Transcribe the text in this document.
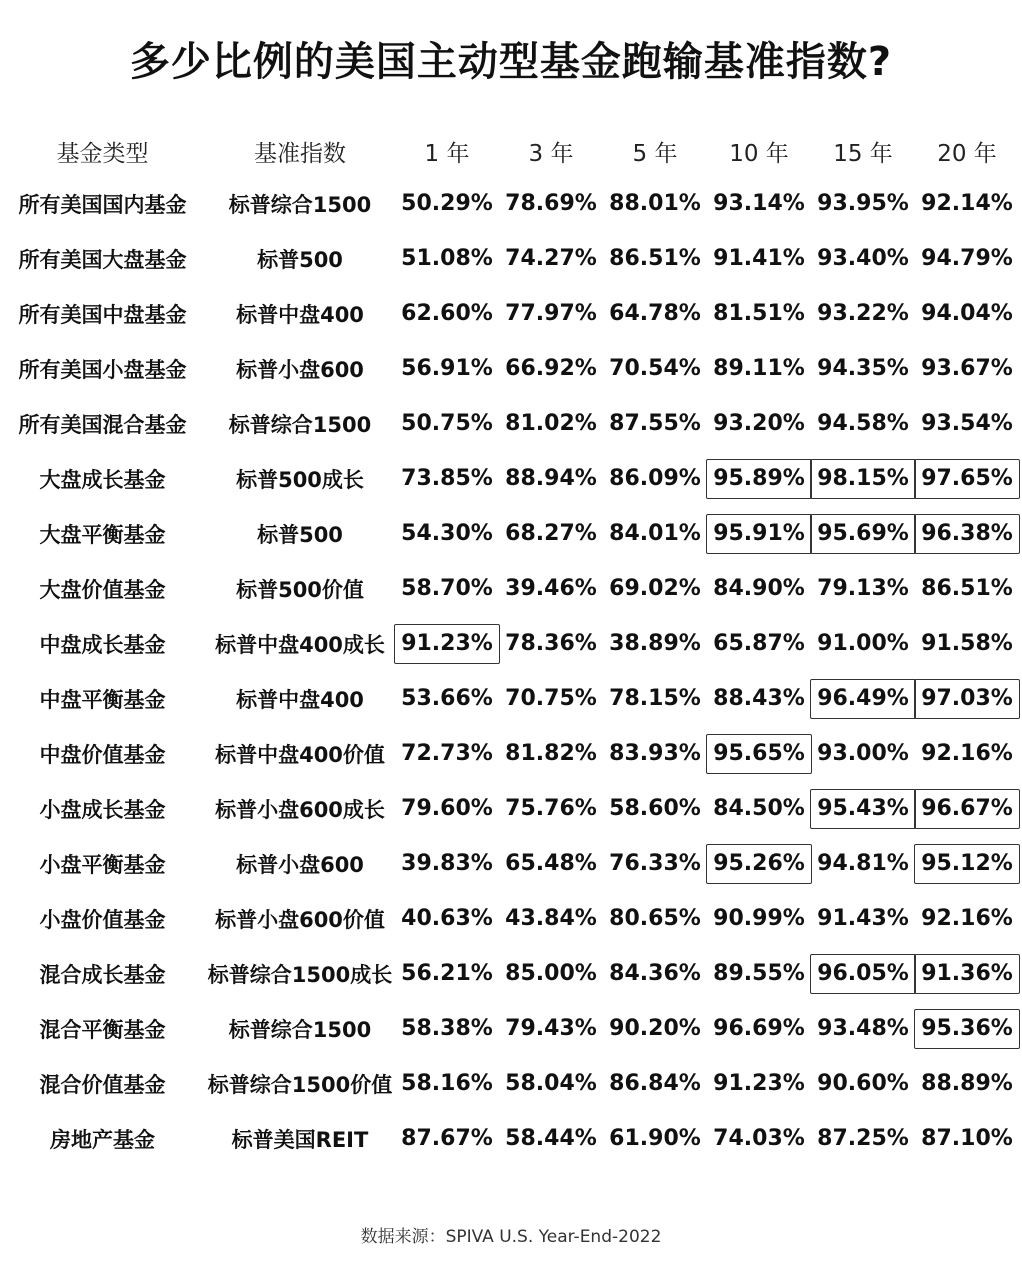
多少比例的美国主动型基金跑输基准指数?
基金类型	基准指数	1 年	3 年	5 年	10 年	15 年	20 年
所有美国国内基金	标普综合1500	50.29% 78.69% 88.01% 93.14% 93.95% 92.14%
所有美国大盘基金	标普500	51.08% 74.27% 86.51% 91.41% 93.40% 94.79%
所有美国中盘基金	标普中盘400	62.60% 77.97% 64.78% 81.51% 93.22% 94.04%
所有美国小盘基金	标普小盘600	56.91% 66.92% 70.54% 89.11% 94.35% 93.67%
所有美国混合基金	标普综合1500	50.75% 81.02% 87.55% 93.20% 94.58% 93.54%
大盘成长基金	标普500成长	73.85% 88.94% 86.09% 95.89% 98.15% 97.65%
大盘平衡基金	标普500	54.30% 68.27% 84.01% 95.91% 95.69% 96.38%
大盘价值基金	标普500价值	58.70% 39.46% 69.02% 84.90% 79.13% 86.51%
中盘成长基金	标普中盘400成长 91.23% 78.36% 38.89% 65.87% 91.00% 91.58%
中盘平衡基金	标普中盘400	53.66% 70.75% 78.15% 88.43% 96.49% 97.03%
中盘价值基金	标普中盘400价值 72.73% 81.82% 83.93% 95.65% 93.00% 92.16%
小盘成长基金	标普小盘600成长 79.60% 75.76% 58.60% 84.50% 95.43% 96.67%
小盘平衡基金	标普小盘600	39.83% 65.48% 76.33% 95.26% 94.81% 95.12%
小盘价值基金	标普小盘600价值 40.63% 43.84% 80.65% 90.99% 91.43% 92.16%
混合成长基金	标普综合1500成长 56.21% 85.00% 84.36% 89.55% 96.05% 91.36%
混合平衡基金	标普综合1500	58.38% 79.43% 90.20% 96.69% 93.48% 95.36%
混合价值基金	标普综合1500价值 58.16% 58.04% 86.84% 91.23% 90.60% 88.89%
房地产基金	标普美国REIT	87.67% 58.44% 61.90% 74.03% 87.25% 87.10%
数据来源：SPIVA U.S. Year-End-2022
